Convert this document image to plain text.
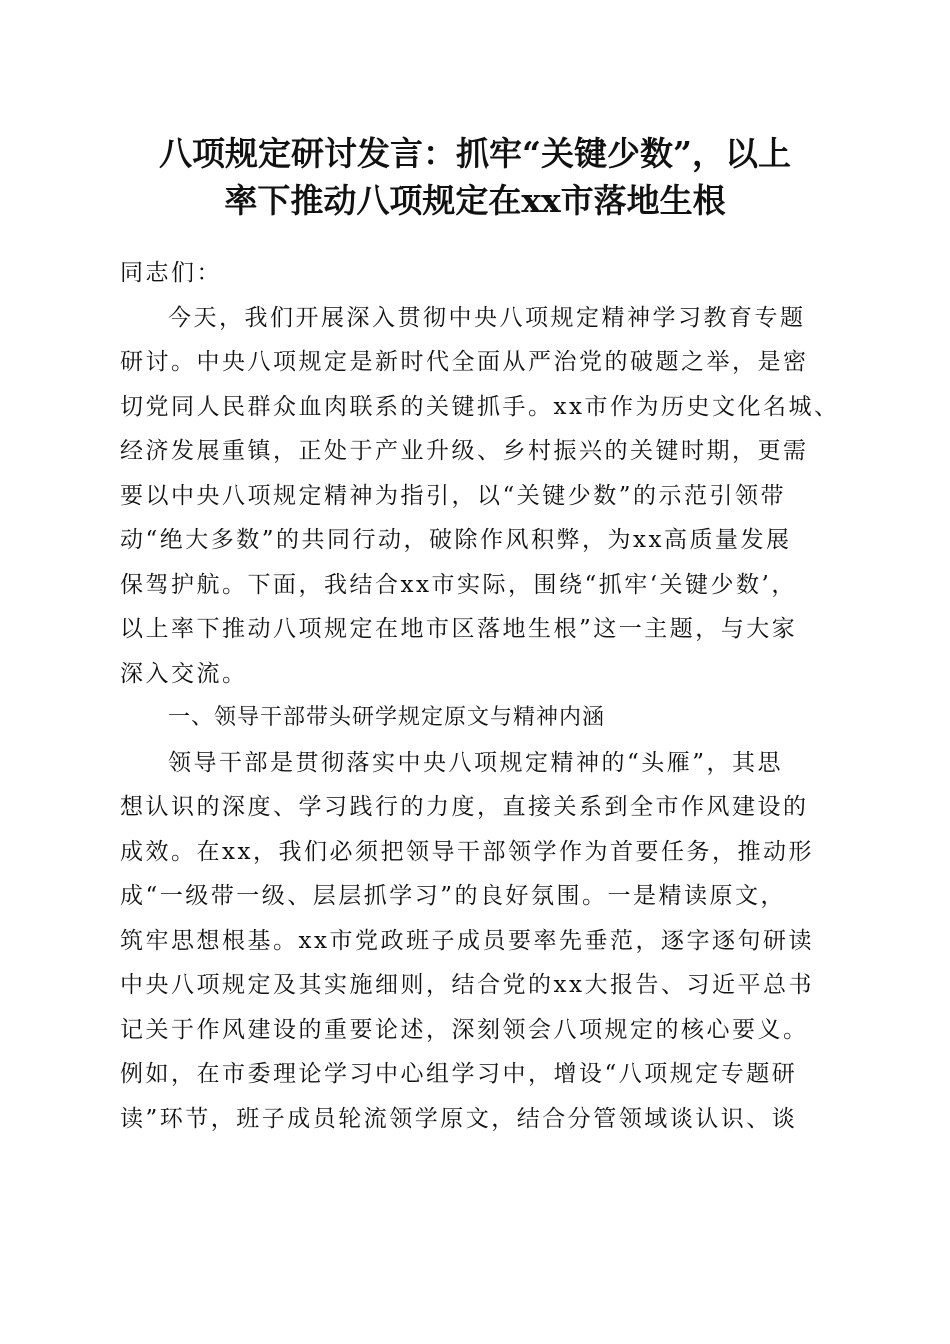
八项规定研讨发言：抓牢“关键少数”，以上
率下推动八项规定在xx市落地生根
同志们：
今天，我们开展深入贯彻中央八项规定精神学习教育专题
研讨。中央八项规定是新时代全面从严治党的破题之举，是密
切党同人民群众血肉联系的关键抓手。xx市作为历史文化名城、
经济发展重镇，正处于产业升级、乡村振兴的关键时期，更需
要以中央八项规定精神为指引，以“关键少数”的示范引领带
动“绝大多数”的共同行动，破除作风积弊，为xx高质量发展
保驾护航。下面，我结合xx市实际，围绕“抓牢‘关键少数’，
以上率下推动八项规定在地市区落地生根”这一主题，与大家
深入交流。
一、领导干部带头研学规定原文与精神内涵
领导干部是贯彻落实中央八项规定精神的“头雁”，其思
想认识的深度、学习践行的力度，直接关系到全市作风建设的
成效。在xx，我们必须把领导干部领学作为首要任务，推动形
成“一级带一级、层层抓学习”的良好氛围。一是精读原文，
筑牢思想根基。xx市党政班子成员要率先垂范，逐字逐句研读
中央八项规定及其实施细则，结合党的xx大报告、习近平总书
记关于作风建设的重要论述，深刻领会八项规定的核心要义。
例如，在市委理论学习中心组学习中，增设“八项规定专题研
读”环节，班子成员轮流领学原文，结合分管领域谈认识、谈
